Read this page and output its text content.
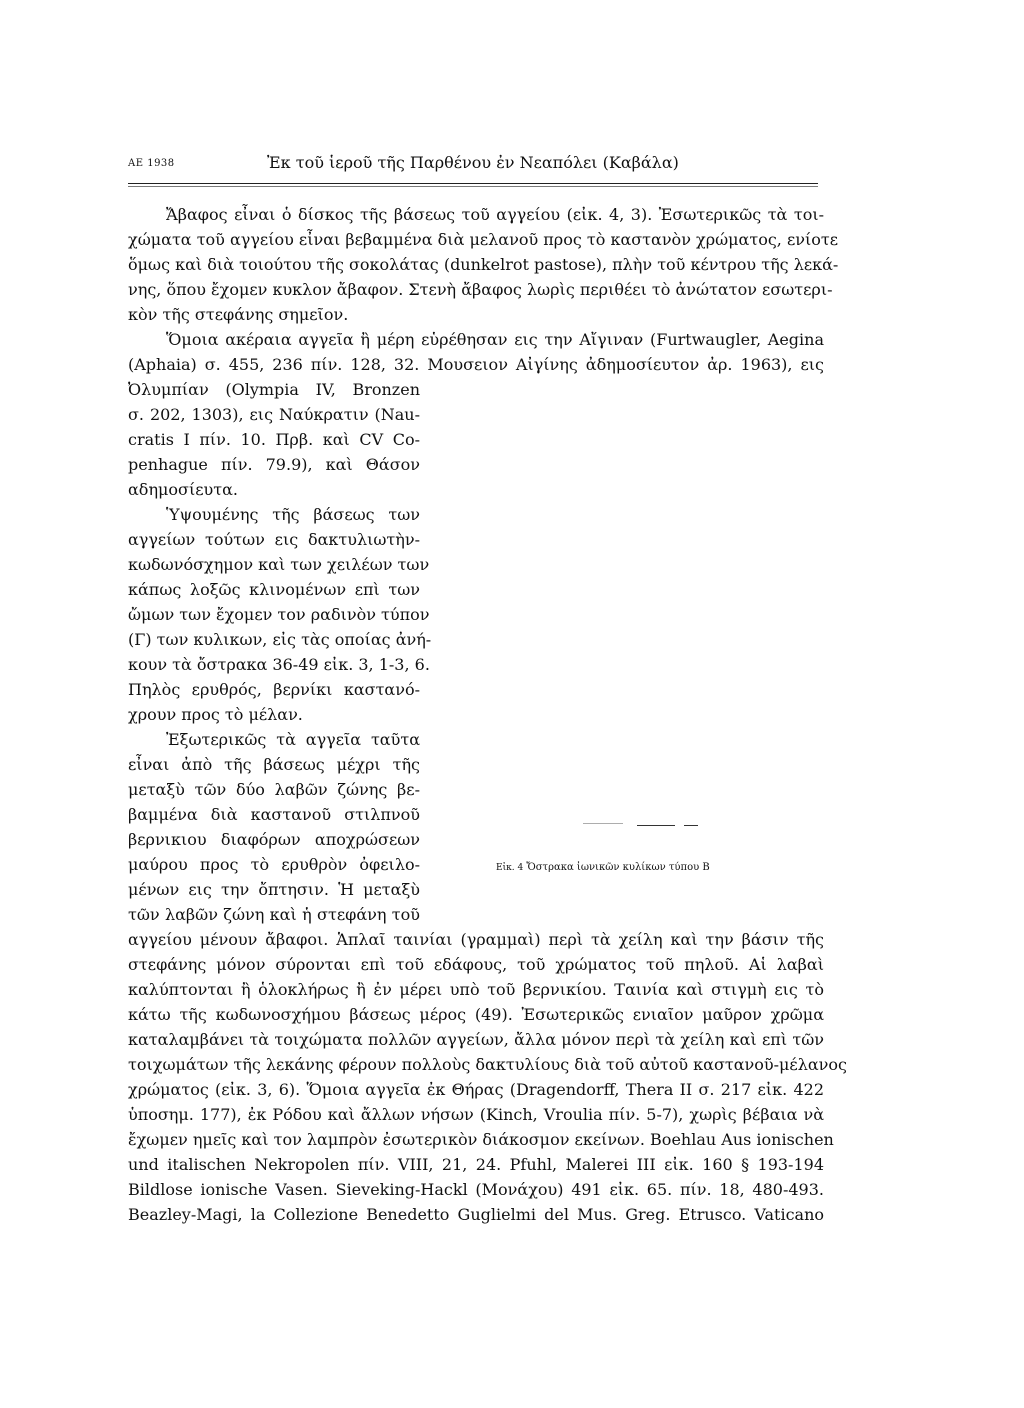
AE 1938	Ἐκ τοῦ ἱεροῦ τῆς Παρθένου ἐν Νεαπόλει (Καβάλα)
Ἄβαφος εἶναι ὁ δίσκος τῆς βάσεως τοῦ αγγείου (εἰκ. 4, 3). Ἐσωτερικῶς τὰ τοι-
χώματα τοῦ αγγείου εἶναι βεβαμμένα διὰ μελανοῦ προς τὸ καστανὸν χρώματος, ενίοτε
ὅμως καὶ διὰ τοιούτου τῆς σοκολάτας (dunkelrot pastose), πλὴν τοῦ κέντρου τῆς λεκά-
νης, ὅπου ἔχομεν κυκλον ἄβαφον. Στενὴ ἄβαφος λωρὶς περιθέει τὸ ἀνώτατον εσωτερι-
κὸν τῆς στεφάνης σημεῖον.
Ὅμοια ακέραια αγγεῖα ἢ μέρη εὑρέθησαν εις την Αἴγιναν (Furtwaugler, Aegina
(Aphaia) σ. 455, 236 πίν. 128, 32. Μουσειον Αἰγίνης ἀδημοσίευτον ἀρ. 1963), εις
Ὀλυμπίαν (Olympia IV, Bronzen
σ. 202, 1303), εις Ναύκρατιν (Nau-
cratis I πίν. 10. Πρβ. καὶ CV Co-
penhague πίν. 79.9), καὶ Θάσον
αδημοσίευτα.
Ὑψουμένης τῆς βάσεως των
αγγείων τούτων εις δακτυλιωτὴν-
κωδωνόσχημον καὶ των χειλέων των
κάπως λοξῶς κλινομένων επὶ των
ὤμων των ἔχομεν τον ραδινὸν τύπον
(Γ) των κυλικων, εἰς τὰς οποίας ἀνή-
κουν τὰ ὄστρακα 36-49 εἰκ. 3, 1-3, 6.
Πηλὸς ερυθρός, βερνίκι καστανό-
χρουν προς τὸ μέλαν.
Ἐξωτερικῶς τὰ αγγεῖα ταῦτα
εἶναι ἀπὸ τῆς βάσεως μέχρι τῆς
μεταξὺ τῶν δύο λαβῶν ζώνης βε-
βαμμένα διὰ καστανοῦ στιλπνοῦ
βερνικιου διαφόρων αποχρώσεων
μαύρου προς τὸ ερυθρὸν ὀφειλο-
μένων εις την ὄπτησιν. Ἡ μεταξὺ
τῶν λαβῶν ζώνη καὶ ἡ στεφάνη τοῦ
αγγείου μένουν ἄβαφοι. Ἁπλαῖ ταινίαι (γραμμαὶ) περὶ τὰ χείλη καὶ την βάσιν τῆς
στεφάνης μόνον σύρονται επὶ τοῦ εδάφους, τοῦ χρώματος τοῦ πηλοῦ. Αἱ λαβαὶ
καλύπτονται ἢ ὁλοκλήρως ἢ ἐν μέρει υπὸ τοῦ βερνικίου. Ταινία καὶ στιγμὴ εις τὸ
κάτω τῆς κωδωνοσχήμου βάσεως μέρος (49). Ἐσωτερικῶς ενιαῖον μαῦρον χρῶμα
καταλαμβάνει τὰ τοιχώματα πολλῶν αγγείων, ἄλλα μόνον περὶ τὰ χείλη καὶ επὶ τῶν
τοιχωμάτων τῆς λεκάνης φέρουν πολλοὺς δακτυλίους διὰ τοῦ αὐτοῦ καστανοῦ-μέλανος
χρώματος (εἰκ. 3, 6). Ὅμοια αγγεῖα ἐκ Θήρας (Dragendorff, Thera II σ. 217 εἰκ. 422
ὑποσημ. 177), ἐκ Ρόδου καὶ ἄλλων νήσων (Kinch, Vroulia πίν. 5-7), χωρὶς βέβαια νὰ
ἔχωμεν ημεῖς καὶ τον λαμπρὸν ἐσωτερικὸν διάκοσμον εκείνων. Boehlau Aus ionischen
und italischen Nekropolen πίν. VIII, 21, 24. Pfuhl, Malerei III εἰκ. 160 § 193-194
Bildlose ionische Vasen. Sieveking-Hackl (Μονάχου) 491 εἰκ. 65. πίν. 18, 480-493.
Beazley-Magi, la Collezione Benedetto Guglielmi del Mus. Greg. Etrusco. Vaticano
Εἰκ. 4 Ὄστρακα ἰωνικῶν κυλίκων τύπου Β
